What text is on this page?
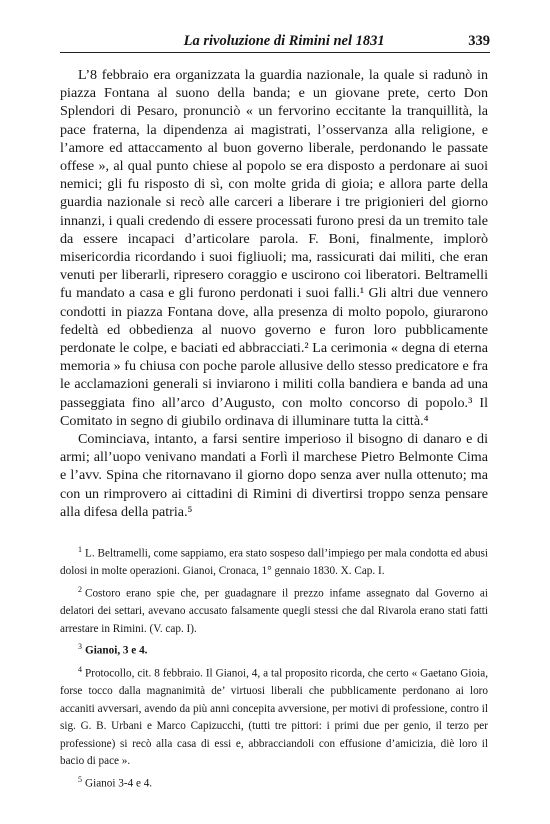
La rivoluzione di Rimini nel 1831	339

L’8 febbraio era organizzata la guardia nazionale, la quale si radunò in piazza Fontana al suono della banda; e un giovane prete, certo Don Splendori di Pesaro, pronunciò « un fervorino eccitante la tranquillità, la pace fraterna, la dipendenza ai magistrati, l’osservanza alla religione, e l’amore ed attaccamento al buon governo liberale, perdonando le passate offese », al qual punto chiese al popolo se era disposto a perdonare ai suoi nemici; gli fu risposto di sì, con molte grida di gioia; e allora parte della guardia nazionale si recò alle carceri a liberare i tre prigionieri del giorno innanzi, i quali credendo di essere processati furono presi da un tremito tale da essere incapaci d’articolare parola. F. Boni, finalmente, implorò misericordia ricordando i suoi figliuoli; ma, rassicurati dai militi, che eran venuti per liberarli, ripresero coraggio e uscirono coi liberatori. Beltramelli fu mandato a casa e gli furono perdonati i suoi falli.¹ Gli altri due vennero condotti in piazza Fontana dove, alla presenza di molto popolo, giurarono fedeltà ed obbedienza al nuovo governo e furon loro pubblicamente perdonate le colpe, e baciati ed abbracciati.² La cerimonia « degna di eterna memoria » fu chiusa con poche parole allusive dello stesso predicatore e fra le acclamazioni generali si inviarono i militi colla bandiera e banda ad una passeggiata fino all’arco d’Augusto, con molto concorso di popolo.³ Il Comitato in segno di giubilo ordinava di illuminare tutta la città.⁴

Cominciava, intanto, a farsi sentire imperioso il bisogno di danaro e di armi; all’uopo venivano mandati a Forlì il marchese Pietro Belmonte Cima e l’avv. Spina che ritornavano il giorno dopo senza aver nulla ottenuto; ma con un rimprovero ai cittadini di Rimini di divertirsi troppo senza pensare alla difesa della patria.⁵

$^1$ L. Beltramelli, come sappiamo, era stato sospeso dall’impiego per mala condotta ed abusi dolosi in molte operazioni. Gianoi, Cronaca, 1° gennaio 1830. X. Cap. I.

$^2$ Costoro erano spie che, per guadagnare il prezzo infame assegnato dal Governo ai delatori dei settari, avevano accusato falsamente quegli stessi che dal Rivarola erano stati fatti arrestare in Rimini. (V. cap. I).

$^3$ Gianoi, 3 e 4.

$^4$ Protocollo, cit. 8 febbraio. Il Gianoi, 4, a tal proposito ricorda, che certo « Gaetano Gioia, forse tocco dalla magnanimità de’ virtuosi liberali che pubblicamente perdonano ai loro accaniti avversari, avendo da più anni concepita avversione, per motivi di professione, contro il sig. G. B. Urbani e Marco Capizucchi, (tutti tre pittori: i primi due per genio, il terzo per professione) si recò alla casa di essi e, abbracciandoli con effusione d’amicizia, diè loro il bacio di pace ».

$^5$ Gianoi 3-4 e 4.
